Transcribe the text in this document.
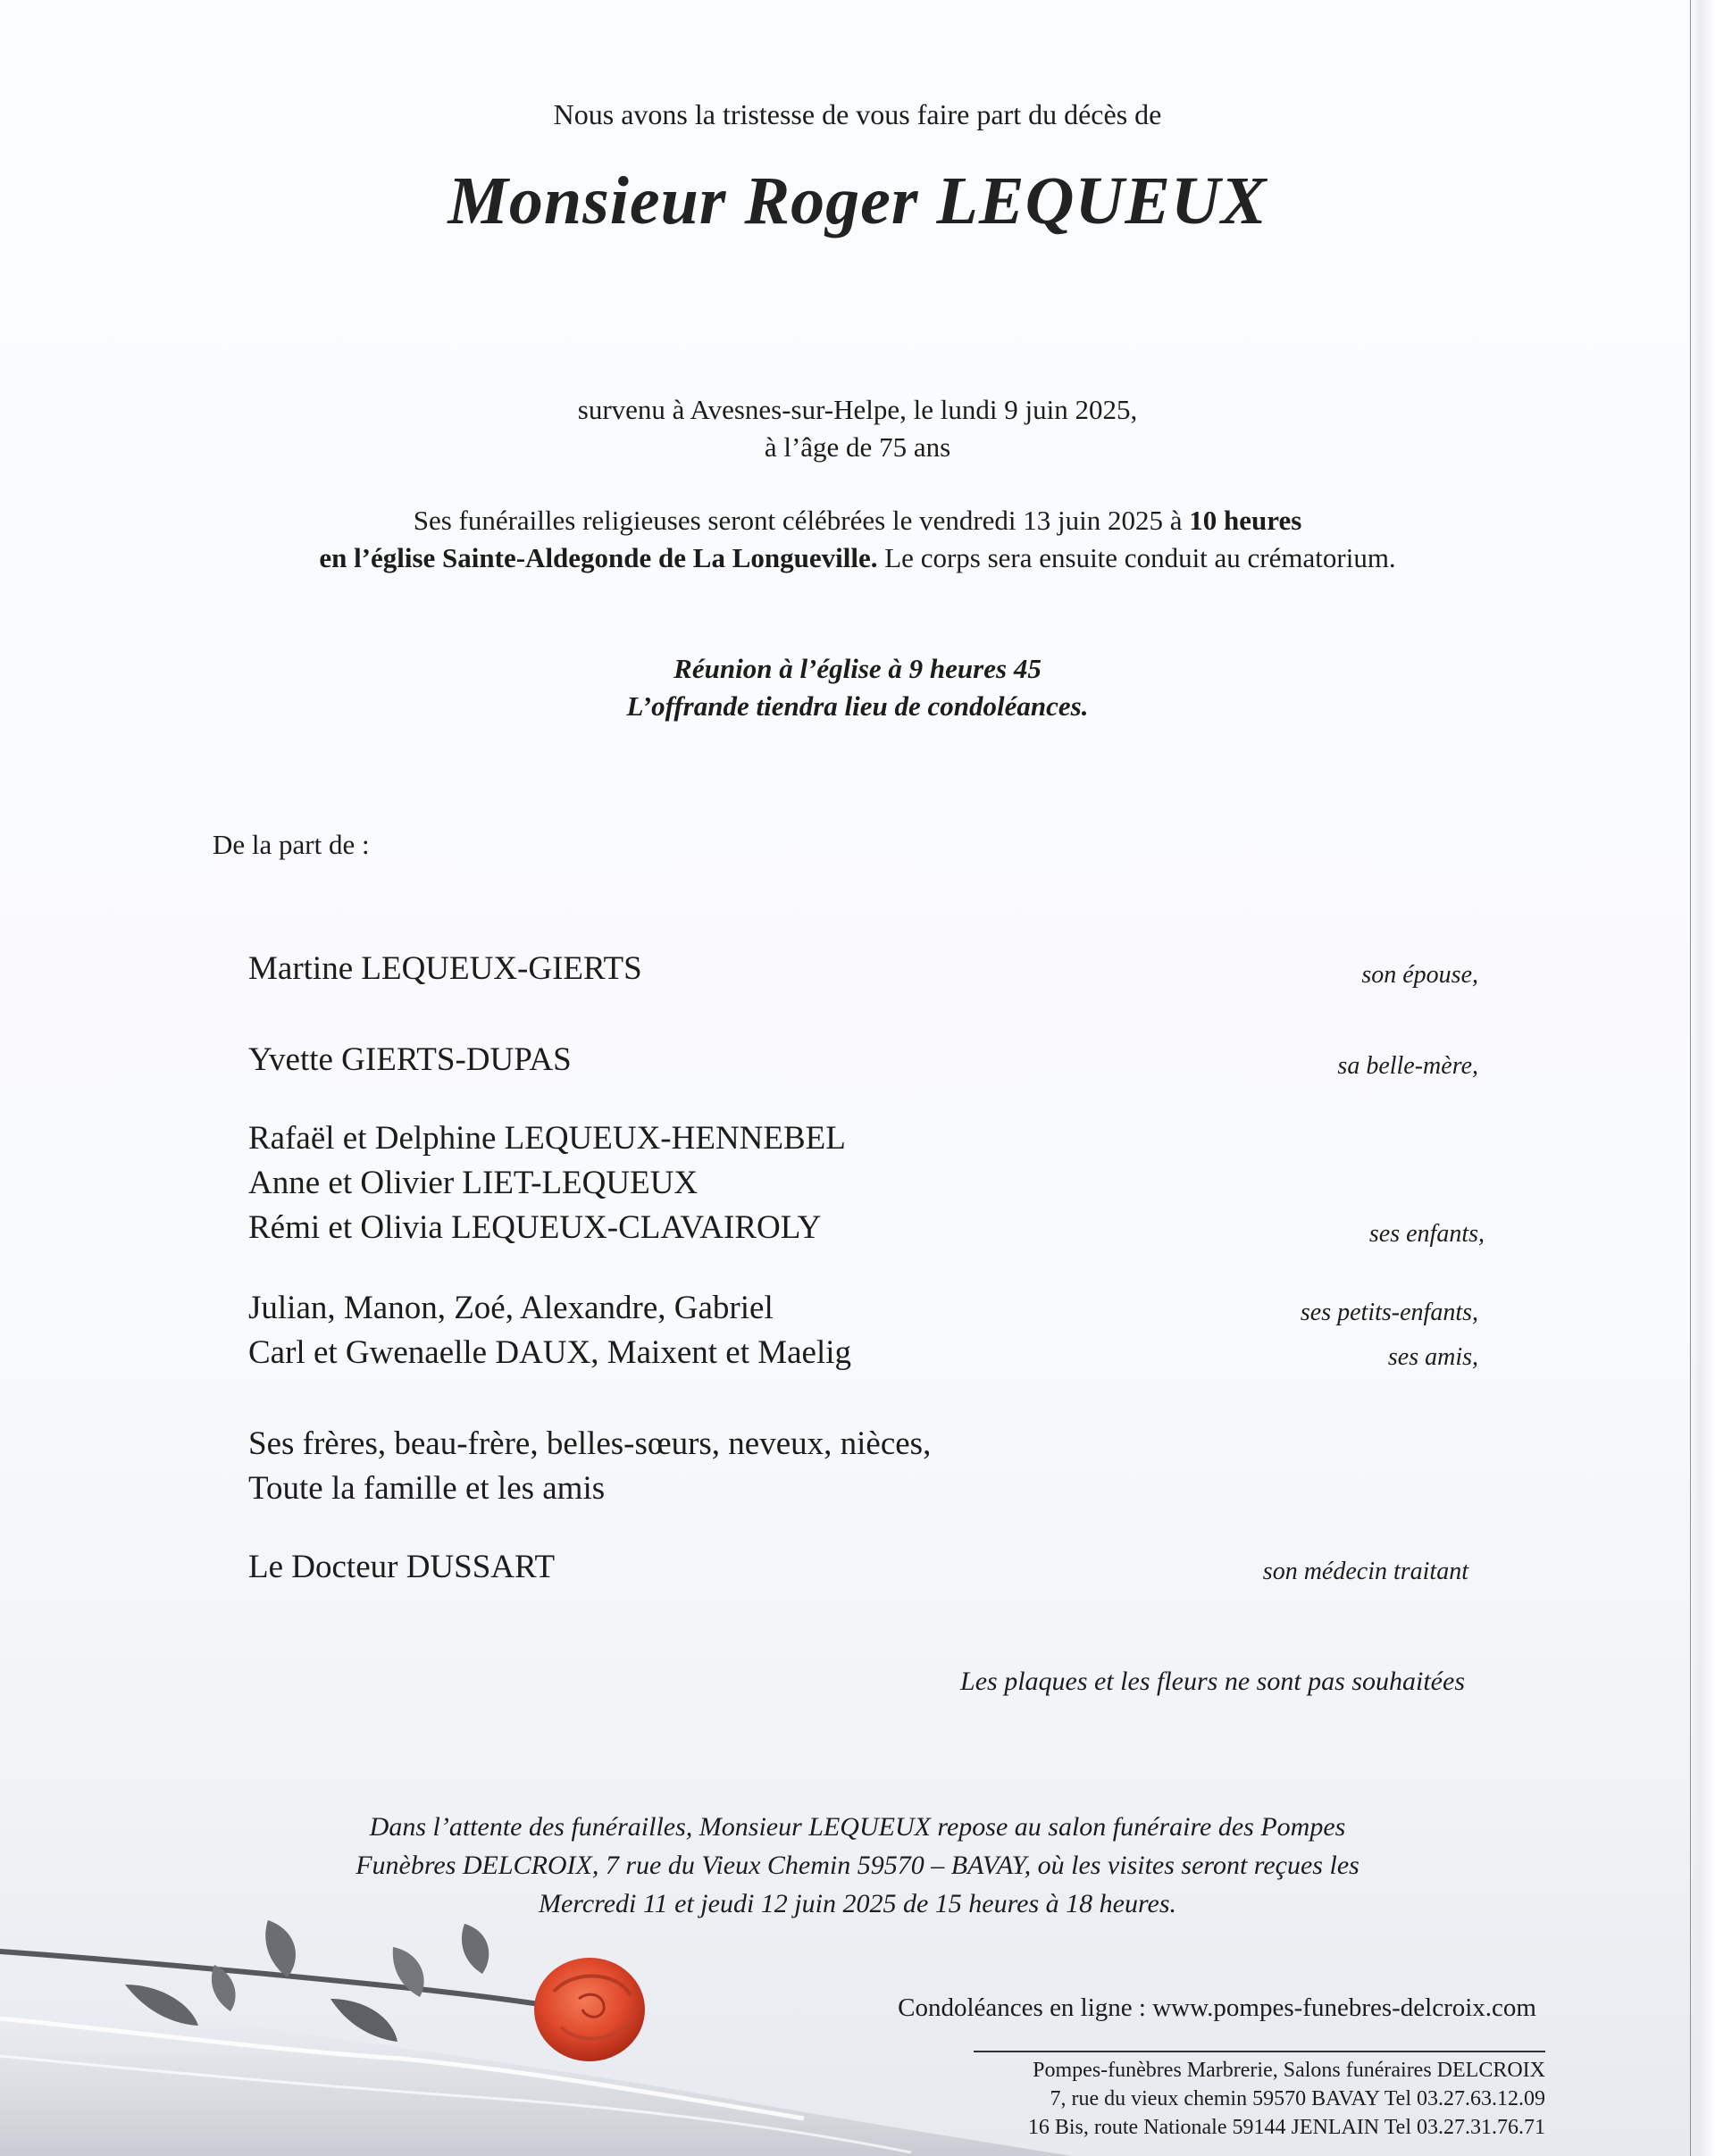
Nous avons la tristesse de vous faire part du décès de
Monsieur Roger LEQUEUX
survenu à Avesnes-sur-Helpe, le lundi 9 juin 2025,
à l’âge de 75 ans
Ses funérailles religieuses seront célébrées le vendredi 13 juin 2025 à 10 heures
en l’église Sainte-Aldegonde de La Longueville. Le corps sera ensuite conduit au crématorium.
Réunion à l’église à 9 heures 45
L’offrande tiendra lieu de condoléances.
De la part de :
Martine LEQUEUX-GIERTS	son épouse,
Yvette GIERTS-DUPAS	sa belle-mère,
Rafaël et Delphine LEQUEUX-HENNEBEL
Anne et Olivier LIET-LEQUEUX
Rémi et Olivia LEQUEUX-CLAVAIROLY	ses enfants,
Julian, Manon, Zoé, Alexandre, Gabriel	ses petits-enfants,
Carl et Gwenaelle DAUX, Maixent et Maelig	ses amis,
Ses frères, beau-frère, belles-sœurs, neveux, nièces,
Toute la famille et les amis
Le Docteur DUSSART	son médecin traitant
Les plaques et les fleurs ne sont pas souhaitées
Dans l’attente des funérailles, Monsieur LEQUEUX repose au salon funéraire des Pompes
Funèbres DELCROIX, 7 rue du Vieux Chemin 59570 – BAVAY, où les visites seront reçues les
Mercredi 11 et jeudi 12 juin 2025 de 15 heures à 18 heures.
Condoléances en ligne : www.pompes-funebres-delcroix.com
Pompes-funèbres Marbrerie, Salons funéraires DELCROIX
7, rue du vieux chemin 59570 BAVAY Tel 03.27.63.12.09
16 Bis, route Nationale 59144 JENLAIN Tel 03.27.31.76.71
